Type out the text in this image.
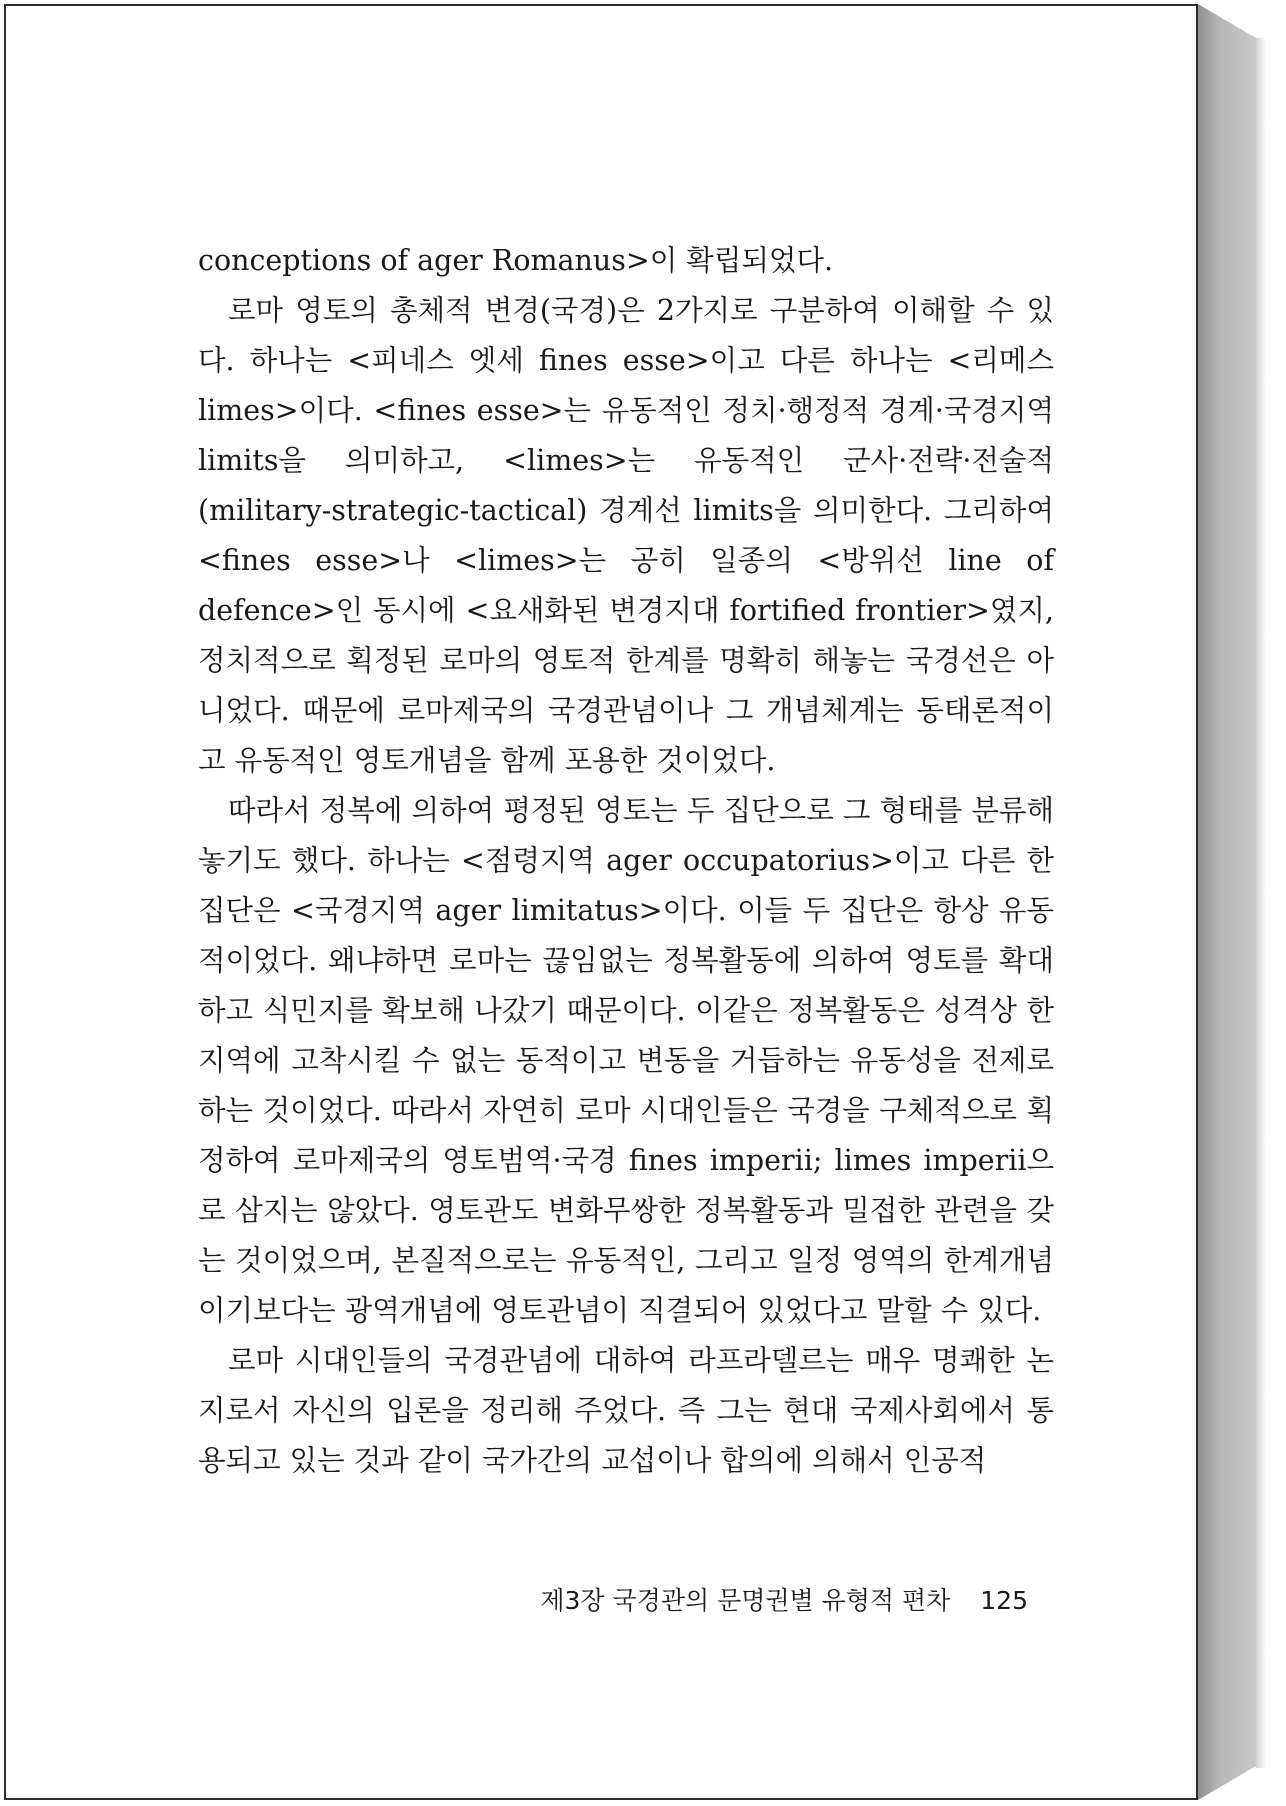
conceptions of ager Romanus>이 확립되었다.

로마 영토의 총체적 변경(국경)은 2가지로 구분하여 이해할 수 있다. 하나는 <피네스 엣세 fines esse>이고 다른 하나는 <리메스 limes>이다. <fines esse>는 유동적인 정치·행정적 경계·국경지역 limits을 의미하고, <limes>는 유동적인 군사·전략·전술적(military-strategic-tactical) 경계선 limits을 의미한다. 그리하여 <fines esse>나 <limes>는 공히 일종의 <방위선 line of defence>인 동시에 <요새화된 변경지대 fortified frontier>였지, 정치적으로 획정된 로마의 영토적 한계를 명확히 해놓는 국경선은 아니었다. 때문에 로마제국의 국경관념이나 그 개념체계는 동태론적이고 유동적인 영토개념을 함께 포용한 것이었다.

따라서 정복에 의하여 평정된 영토는 두 집단으로 그 형태를 분류해 놓기도 했다. 하나는 <점령지역 ager occupatorius>이고 다른 한 집단은 <국경지역 ager limitatus>이다. 이들 두 집단은 항상 유동적이었다. 왜냐하면 로마는 끊임없는 정복활동에 의하여 영토를 확대하고 식민지를 확보해 나갔기 때문이다. 이같은 정복활동은 성격상 한 지역에 고착시킬 수 없는 동적이고 변동을 거듭하는 유동성을 전제로 하는 것이었다. 따라서 자연히 로마 시대인들은 국경을 구체적으로 획정하여 로마제국의 영토범역·국경 fines imperii; limes imperii으로 삼지는 않았다. 영토관도 변화무쌍한 정복활동과 밀접한 관련을 갖는 것이었으며, 본질적으로는 유동적인, 그리고 일정 영역의 한계개념이기보다는 광역개념에 영토관념이 직결되어 있었다고 말할 수 있다.

로마 시대인들의 국경관념에 대하여 라프라델르는 매우 명쾌한 논지로서 자신의 입론을 정리해 주었다. 즉 그는 현대 국제사회에서 통용되고 있는 것과 같이 국가간의 교섭이나 합의에 의해서 인공적

제3장 국경관의 문명권별 유형적 편차 125
